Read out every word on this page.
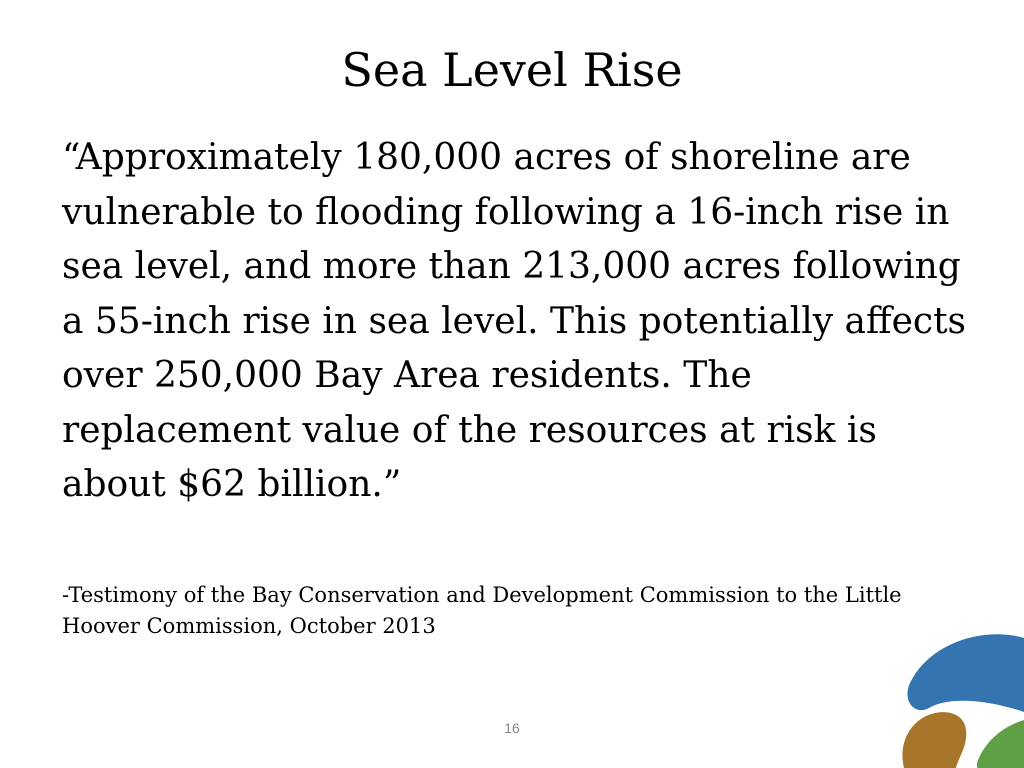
Sea Level Rise

“Approximately 180,000 acres of shoreline are vulnerable to flooding following a 16-inch rise in sea level, and more than 213,000 acres following a 55-inch rise in sea level. This potentially affects over 250,000 Bay Area residents. The replacement value of the resources at risk is about $62 billion.”

-Testimony of the Bay Conservation and Development Commission to the Little Hoover Commission, October 2013

16
